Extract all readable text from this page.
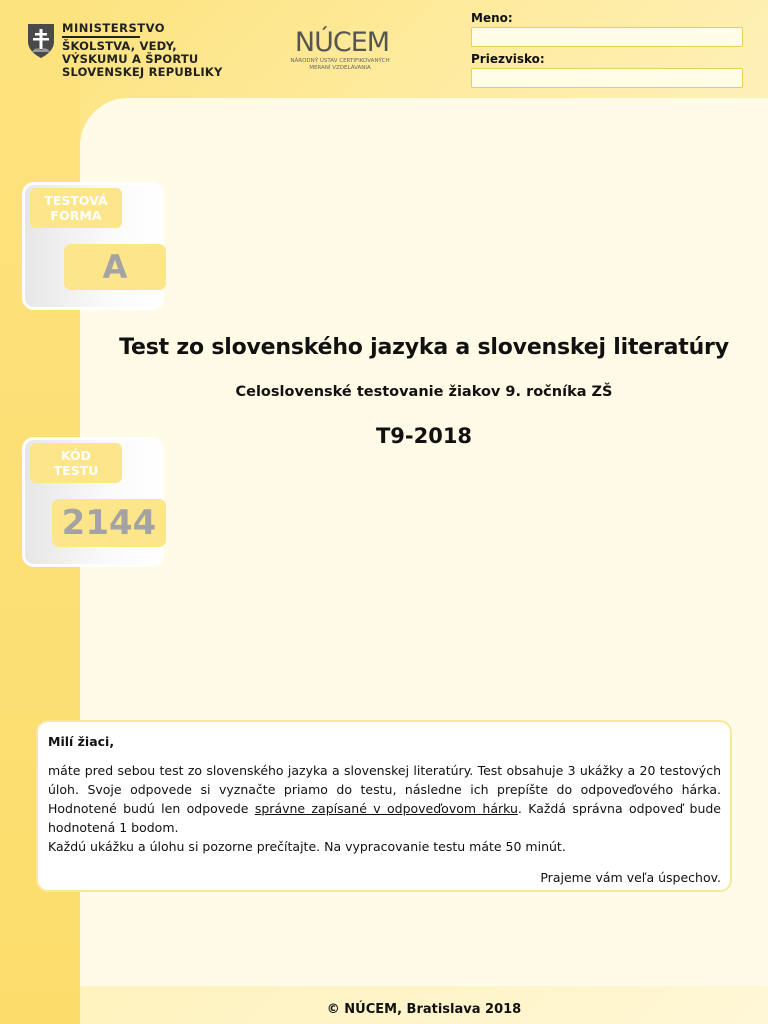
MINISTERSTVO
ŠKOLSTVA, VEDY,
VÝSKUMU A ŠPORTU
SLOVENSKEJ REPUBLIKY
NÚCEM
NÁRODNÝ ÚSTAV CERTIFIKOVANÝCH MERANÍ VZDELÁVANIA
Meno:
Priezvisko:
TESTOVÁ
FORMA
A
KÓD
TESTU
2144
Test zo slovenského jazyka a slovenskej literatúry
Celoslovenské testovanie žiakov 9. ročníka ZŠ
T9-2018
Milí žiaci,
máte pred sebou test zo slovenského jazyka a slovenskej literatúry. Test obsahuje 3 ukážky a 20 testových úloh. Svoje odpovede si vyznačte priamo do testu, následne ich prepíšte do odpoveďového hárka. Hodnotené budú len odpovede správne zapísané v odpoveďovom hárku. Každá správna odpoveď bude hodnotená 1 bodom.
Každú ukážku a úlohu si pozorne prečítajte. Na vypracovanie testu máte 50 minút.
Prajeme vám veľa úspechov.
© NÚCEM, Bratislava 2018
